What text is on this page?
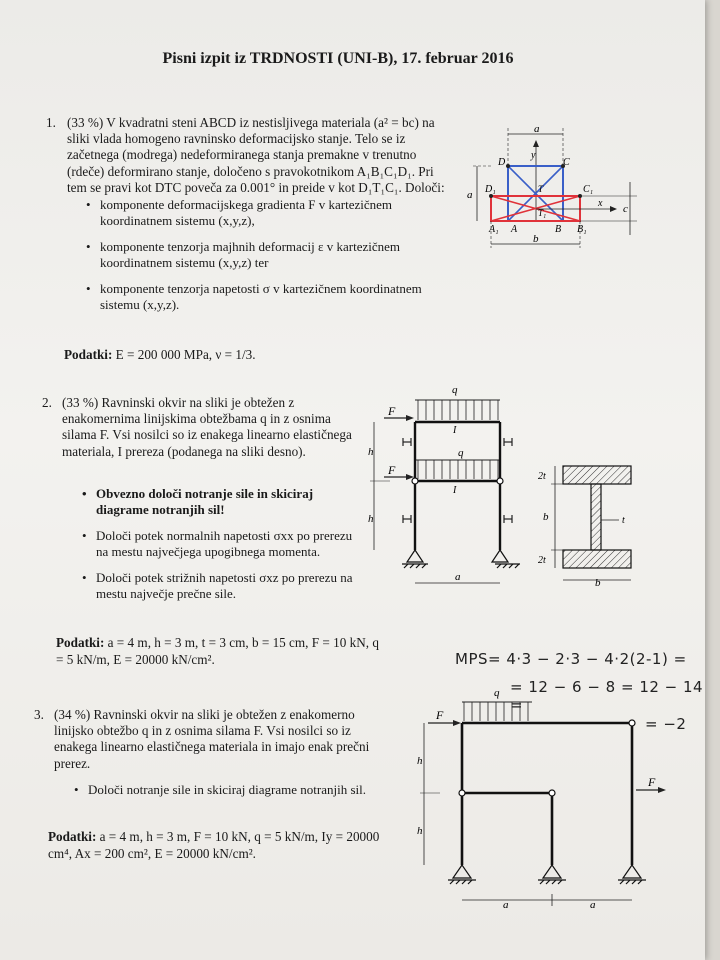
Pisni izpit iz TRDNOSTI (UNI-B), 17. februar 2016
1. (33 %) V kvadratni steni ABCD iz nestisljivega materiala (a² = bc) na sliki vlada homogeno ravninsko deformacijsko stanje. Telo se iz začetnega (modrega) nedeformiranega stanja premakne v trenutno (rdeče) deformirano stanje, določeno s pravokotnikom A₁B₁C₁D₁. Pri tem se pravi kot DTC poveča za 0.001° in preide v kot D₁T₁C₁. Določi:
• komponente deformacijskega gradienta F v kartezičnem koordinatnem sistemu (x,y,z),
• komponente tenzorja majhnih deformacij ε v kartezičnem koordinatnem sistemu (x,y,z) ter
• komponente tenzorja napetosti σ v kartezičnem koordinatnem sistemu (x,y,z).
Podatki: E = 200 000 MPa, ν = 1/3.
a
y
x
D	C
D₁	C₁
A₁ A	B B₁
T
T₁
a
c
b
2. (33 %) Ravninski okvir na sliki je obtežen z enakomernima linijskima obtežbama q in z osnima silama F. Vsi nosilci so iz enakega linearno elastičnega materiala, I prereza (podanega na sliki desno).
• Obvezno določi notranje sile in skiciraj diagrame notranjih sil!
• Določi potek normalnih napetosti σxx po prerezu na mestu največjega upogibnega momenta.
• Določi potek strižnih napetosti σxz po prerezu na mestu največje prečne sile.
Podatki: a = 4 m, h = 3 m, t = 3 cm, b = 15 cm, F = 10 kN, q = 5 kN/m, E = 20000 kN/cm².
q
q
F
F
I
I
h
h
a
2t
b
2t
t
b
MPS= 4·3 − 2·3 − 4·2(2-1) =
= 12 − 6 − 8 = 12 − 14 =
= −2
3. (34 %) Ravninski okvir na sliki je obtežen z enakomerno linijsko obtežbo q in z osnima silama F. Vsi nosilci so iz enakega linearno elastičnega materiala in imajo enak prečni prerez.
• Določi notranje sile in skiciraj diagrame notranjih sil.
Podatki: a = 4 m, h = 3 m, F = 10 kN, q = 5 kN/m, Iy = 20000 cm⁴, Ax = 200 cm², E = 20000 kN/cm².
q
F
F
h
h
a	a
